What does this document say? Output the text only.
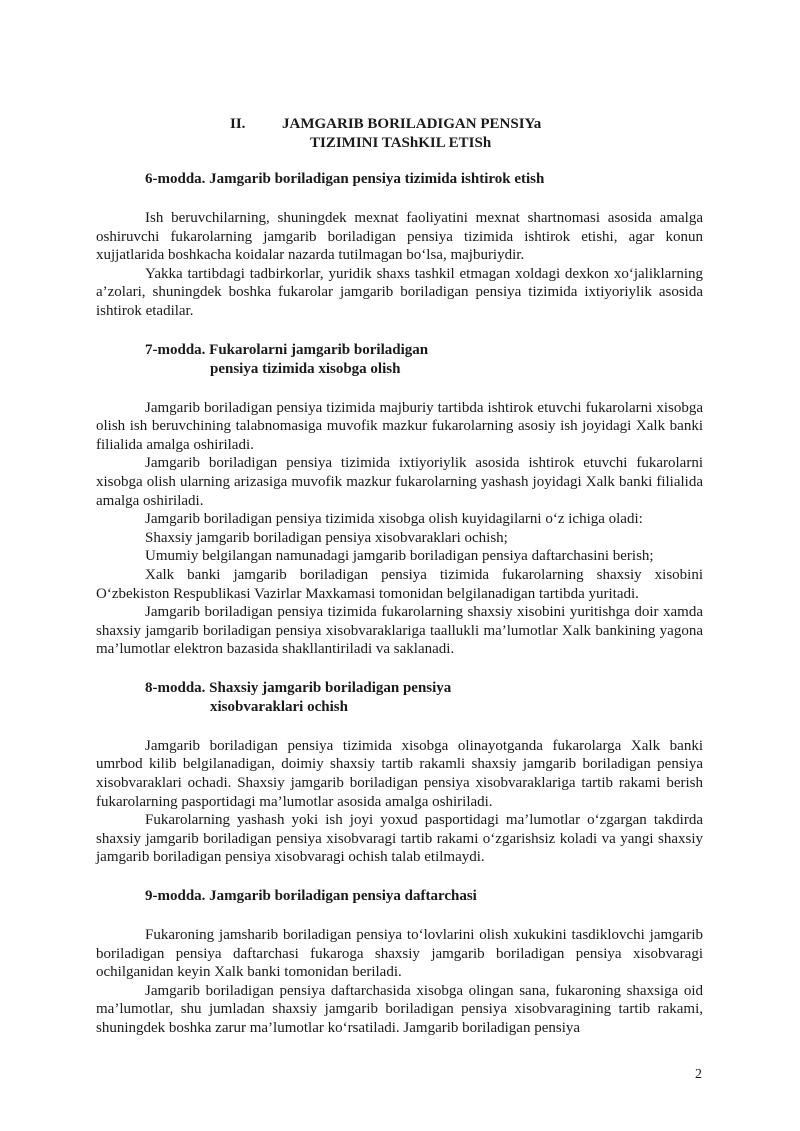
II. JAMGARIB BORILADIGAN PENSIYa
TIZIMINI TAShKIL ETISh
6-modda. Jamgarib boriladigan pensiya tizimida ishtirok etish

Ish beruvchilarning, shuningdek mexnat faoliyatini mexnat shartnomasi asosida amalga oshiruvchi fukarolarning jamgarib boriladigan pensiya tizimida ishtirok etishi, agar konun xujjatlarida boshkacha koidalar nazarda tutilmagan bo‘lsa, majburiydir.

Yakka tartibdagi tadbirkorlar, yuridik shaxs tashkil etmagan xoldagi dexkon xo‘jaliklarning a’zolari, shuningdek boshka fukarolar jamgarib boriladigan pensiya tizimida ixtiyoriylik asosida ishtirok etadilar.

7-modda. Fukarolarni jamgarib boriladigan
pensiya tizimida xisobga olish

Jamgarib boriladigan pensiya tizimida majburiy tartibda ishtirok etuvchi fukarolarni xisobga olish ish beruvchining talabnomasiga muvofik mazkur fukarolarning asosiy ish joyidagi Xalk banki filialida amalga oshiriladi.

Jamgarib boriladigan pensiya tizimida ixtiyoriylik asosida ishtirok etuvchi fukarolarni xisobga olish ularning arizasiga muvofik mazkur fukarolarning yashash joyidagi Xalk banki filialida amalga oshiriladi.

Jamgarib boriladigan pensiya tizimida xisobga olish kuyidagilarni o‘z ichiga oladi:

Shaxsiy jamgarib boriladigan pensiya xisobvaraklari ochish;

Umumiy belgilangan namunadagi jamgarib boriladigan pensiya daftarchasini berish;

Xalk banki jamgarib boriladigan pensiya tizimida fukarolarning shaxsiy xisobini O‘zbekiston Respublikasi Vazirlar Maxkamasi tomonidan belgilanadigan tartibda yuritadi.

Jamgarib boriladigan pensiya tizimida fukarolarning shaxsiy xisobini yuritishga doir xamda shaxsiy jamgarib boriladigan pensiya xisobvaraklariga taallukli ma’lumotlar Xalk bankining yagona ma’lumotlar elektron bazasida shakllantiriladi va saklanadi.

8-modda. Shaxsiy jamgarib boriladigan pensiya
xisobvaraklari ochish

Jamgarib boriladigan pensiya tizimida xisobga olinayotganda fukarolarga Xalk banki umrbod kilib belgilanadigan, doimiy shaxsiy tartib rakamli shaxsiy jamgarib boriladigan pensiya xisobvaraklari ochadi. Shaxsiy jamgarib boriladigan pensiya xisobvaraklariga tartib rakami berish fukarolarning pasportidagi ma’lumotlar asosida amalga oshiriladi.

Fukarolarning yashash yoki ish joyi yoxud pasportidagi ma’lumotlar o‘zgargan takdirda shaxsiy jamgarib boriladigan pensiya xisobvaragi tartib rakami o‘zgarishsiz koladi va yangi shaxsiy jamgarib boriladigan pensiya xisobvaragi ochish talab etilmaydi.

9-modda. Jamgarib boriladigan pensiya daftarchasi

Fukaroning jamsharib boriladigan pensiya to‘lovlarini olish xukukini tasdiklovchi jamgarib boriladigan pensiya daftarchasi fukaroga shaxsiy jamgarib boriladigan pensiya xisobvaragi ochilganidan keyin Xalk banki tomonidan beriladi.

Jamgarib boriladigan pensiya daftarchasida xisobga olingan sana, fukaroning shaxsiga oid ma’lumotlar, shu jumladan shaxsiy jamgarib boriladigan pensiya xisobvaragining tartib rakami, shuningdek boshka zarur ma’lumotlar ko‘rsatiladi. Jamgarib boriladigan pensiya

2
